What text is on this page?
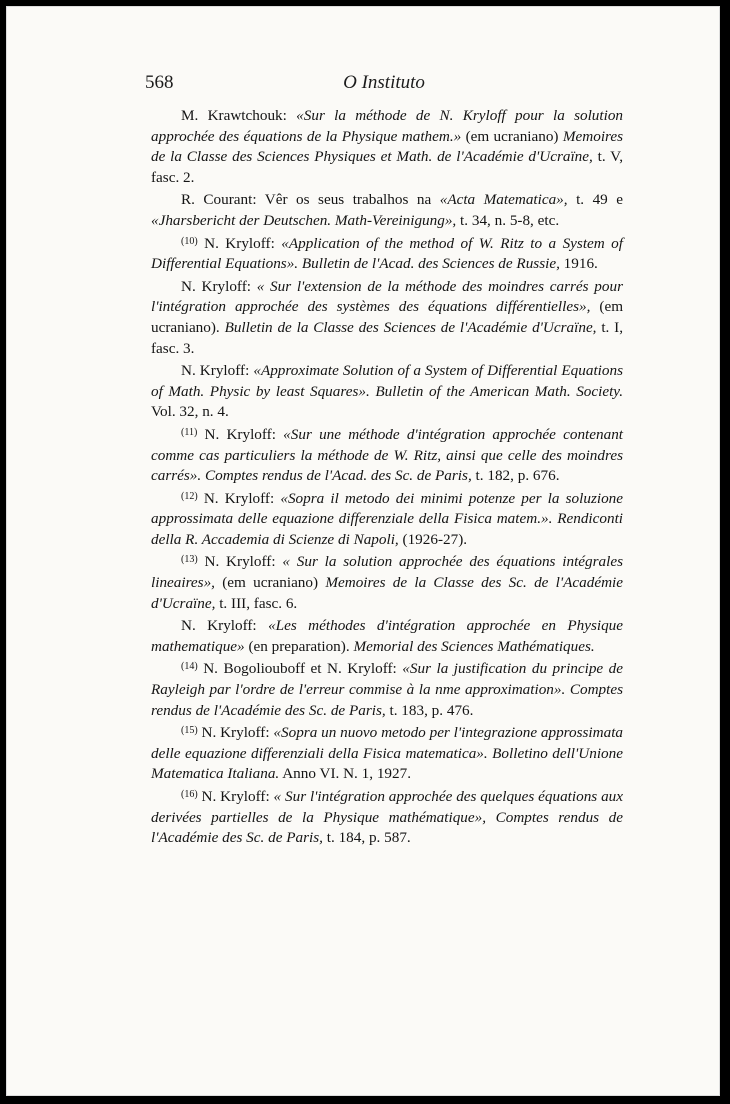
568	O Instituto

M. Krawtchouk: «Sur la méthode de N. Kryloff pour la solution approchée des équations de la Physique mathem.» (em ucraniano) Memoires de la Classe des Sciences Physiques et Math. de l'Académie d'Ucraïne, t. V, fasc. 2.

R. Courant: Vêr os seus trabalhos na «Acta Matematica», t. 49 e «Jharsbericht der Deutschen. Math-Vereinigung», t. 34, n. 5-8, etc.

$^{(10)}$ N. Kryloff: «Application of the method of W. Ritz to a System of Differential Equations». Bulletin de l'Acad. des Sciences de Russie, 1916.

N. Kryloff: « Sur l'extension de la méthode des moindres carrés pour l'intégration approchée des systèmes des équations différentielles», (em ucraniano). Bulletin de la Classe des Sciences de l'Académie d'Ucraïne, t. I, fasc. 3.

N. Kryloff: «Approximate Solution of a System of Differential Equations of Math. Physic by least Squares». Bulletin of the American Math. Society. Vol. 32, n. 4.

$^{(11)}$ N. Kryloff: «Sur une méthode d'intégration approchée contenant comme cas particuliers la méthode de W. Ritz, ainsi que celle des moindres carrés». Comptes rendus de l'Acad. des Sc. de Paris, t. 182, p. 676.

$^{(12)}$ N. Kryloff: «Sopra il metodo dei minimi potenze per la soluzione approssimata delle equazione differenziale della Fisica matem.». Rendiconti della R. Accademia di Scienze di Napoli, (1926-27).

$^{(13)}$ N. Kryloff: « Sur la solution approchée des équations intégrales lineaires», (em ucraniano) Memoires de la Classe des Sc. de l'Académie d'Ucraïne, t. III, fasc. 6.

N. Kryloff: «Les méthodes d'intégration approchée en Physique mathematique» (en preparation). Memorial des Sciences Mathématiques.

$^{(14)}$ N. Bogoliouboff et N. Kryloff: «Sur la justification du principe de Rayleigh par l'ordre de l'erreur commise à la nme approximation». Comptes rendus de l'Académie des Sc. de Paris, t. 183, p. 476.

$^{(15)}$ N. Kryloff: «Sopra un nuovo metodo per l'integrazione approssimata delle equazione differenziali della Fisica matematica». Bolletino dell'Unione Matematica Italiana. Anno VI. N. 1, 1927.

$^{(16)}$ N. Kryloff: « Sur l'intégration approchée des quelques équations aux derivées partielles de la Physique mathématique», Comptes rendus de l'Académie des Sc. de Paris, t. 184, p. 587.
